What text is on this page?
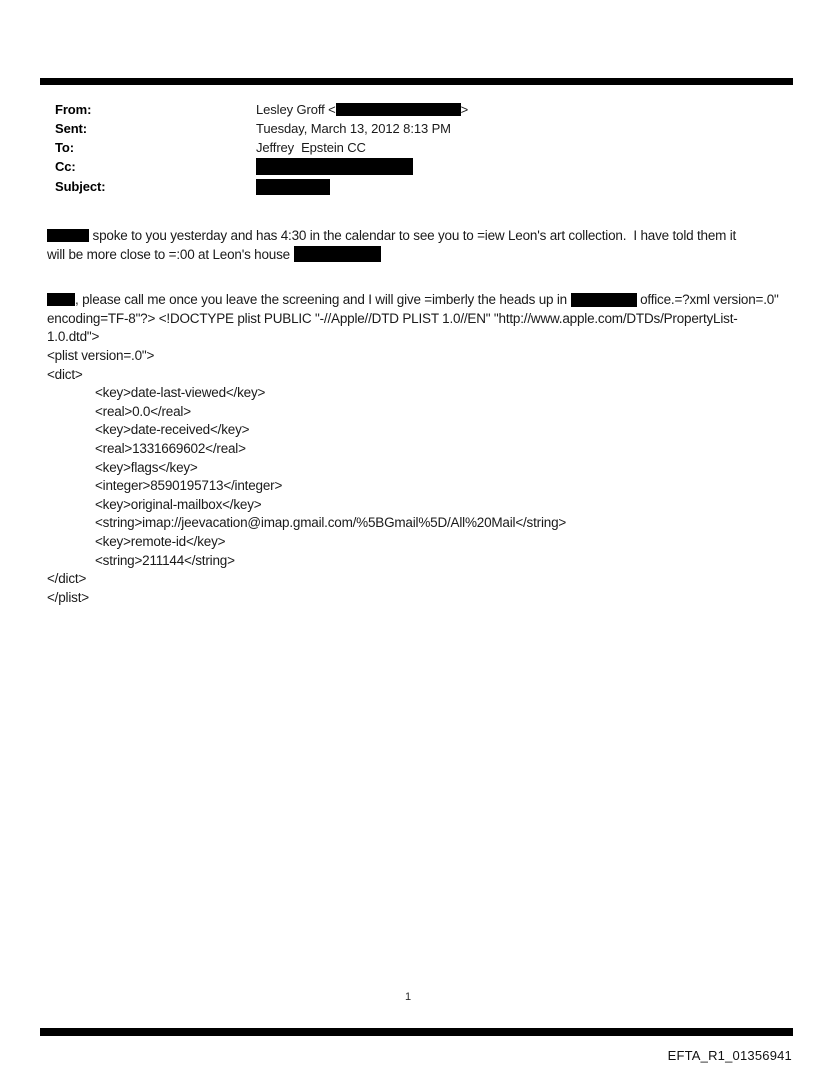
From:	Lesley Groff <	>
Sent:	Tuesday, March 13, 2012 8:13 PM
To:	Jeffrey  Epstein CC
Cc:
Subject:
spoke to you yesterday and has 4:30 in the calendar to see you to =iew Leon's art collection.  I have told them it
will be more close to =:00 at Leon's house
, please call me once you leave the screening and I will give =imberly the heads up in	office.=?xml version=.0"
encoding=TF-8"?> <!DOCTYPE plist PUBLIC "-//Apple//DTD PLIST 1.0//EN" "http://www.apple.com/DTDs/PropertyList-
1.0.dtd">
<plist version=.0">
<dict>
<key>date-last-viewed</key>
<real>0.0</real>
<key>date-received</key>
<real>1331669602</real>
<key>flags</key>
<integer>8590195713</integer>
<key>original-mailbox</key>
<string>imap://jeevacation@imap.gmail.com/%5BGmail%5D/All%20Mail</string>
<key>remote-id</key>
<string>211144</string>
</dict>
</plist>
1
EFTA_R1_01356941
